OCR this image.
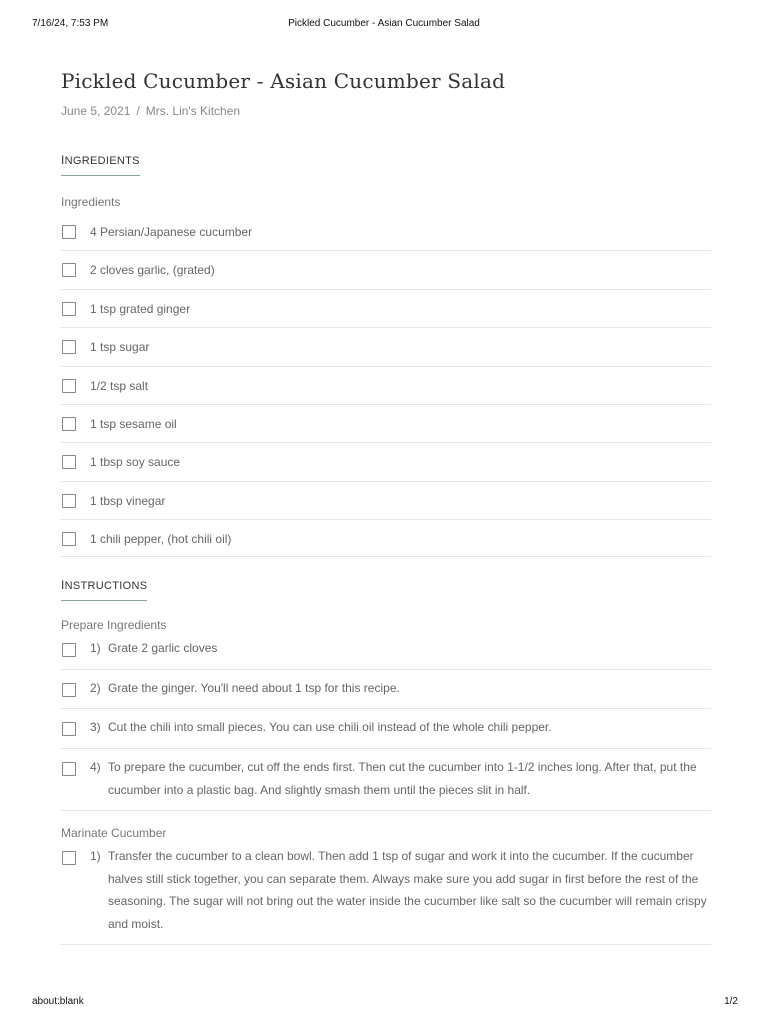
7/16/24, 7:53 PM	Pickled Cucumber - Asian Cucumber Salad
Pickled Cucumber - Asian Cucumber Salad
June 5, 2021 / Mrs. Lin's Kitchen
INGREDIENTS
Ingredients
4 Persian/Japanese cucumber
2 cloves garlic, (grated)
1 tsp grated ginger
1 tsp sugar
1/2 tsp salt
1 tsp sesame oil
1 tbsp soy sauce
1 tbsp vinegar
1 chili pepper, (hot chili oil)
INSTRUCTIONS
Prepare Ingredients
1) Grate 2 garlic cloves
2) Grate the ginger. You'll need about 1 tsp for this recipe.
3) Cut the chili into small pieces. You can use chili oil instead of the whole chili pepper.
4) To prepare the cucumber, cut off the ends first. Then cut the cucumber into 1-1/2 inches long. After that, put the cucumber into a plastic bag. And slightly smash them until the pieces slit in half.
Marinate Cucumber
1) Transfer the cucumber to a clean bowl. Then add 1 tsp of sugar and work it into the cucumber. If the cucumber halves still stick together, you can separate them. Always make sure you add sugar in first before the rest of the seasoning. The sugar will not bring out the water inside the cucumber like salt so the cucumber will remain crispy and moist.
about:blank	1/2
